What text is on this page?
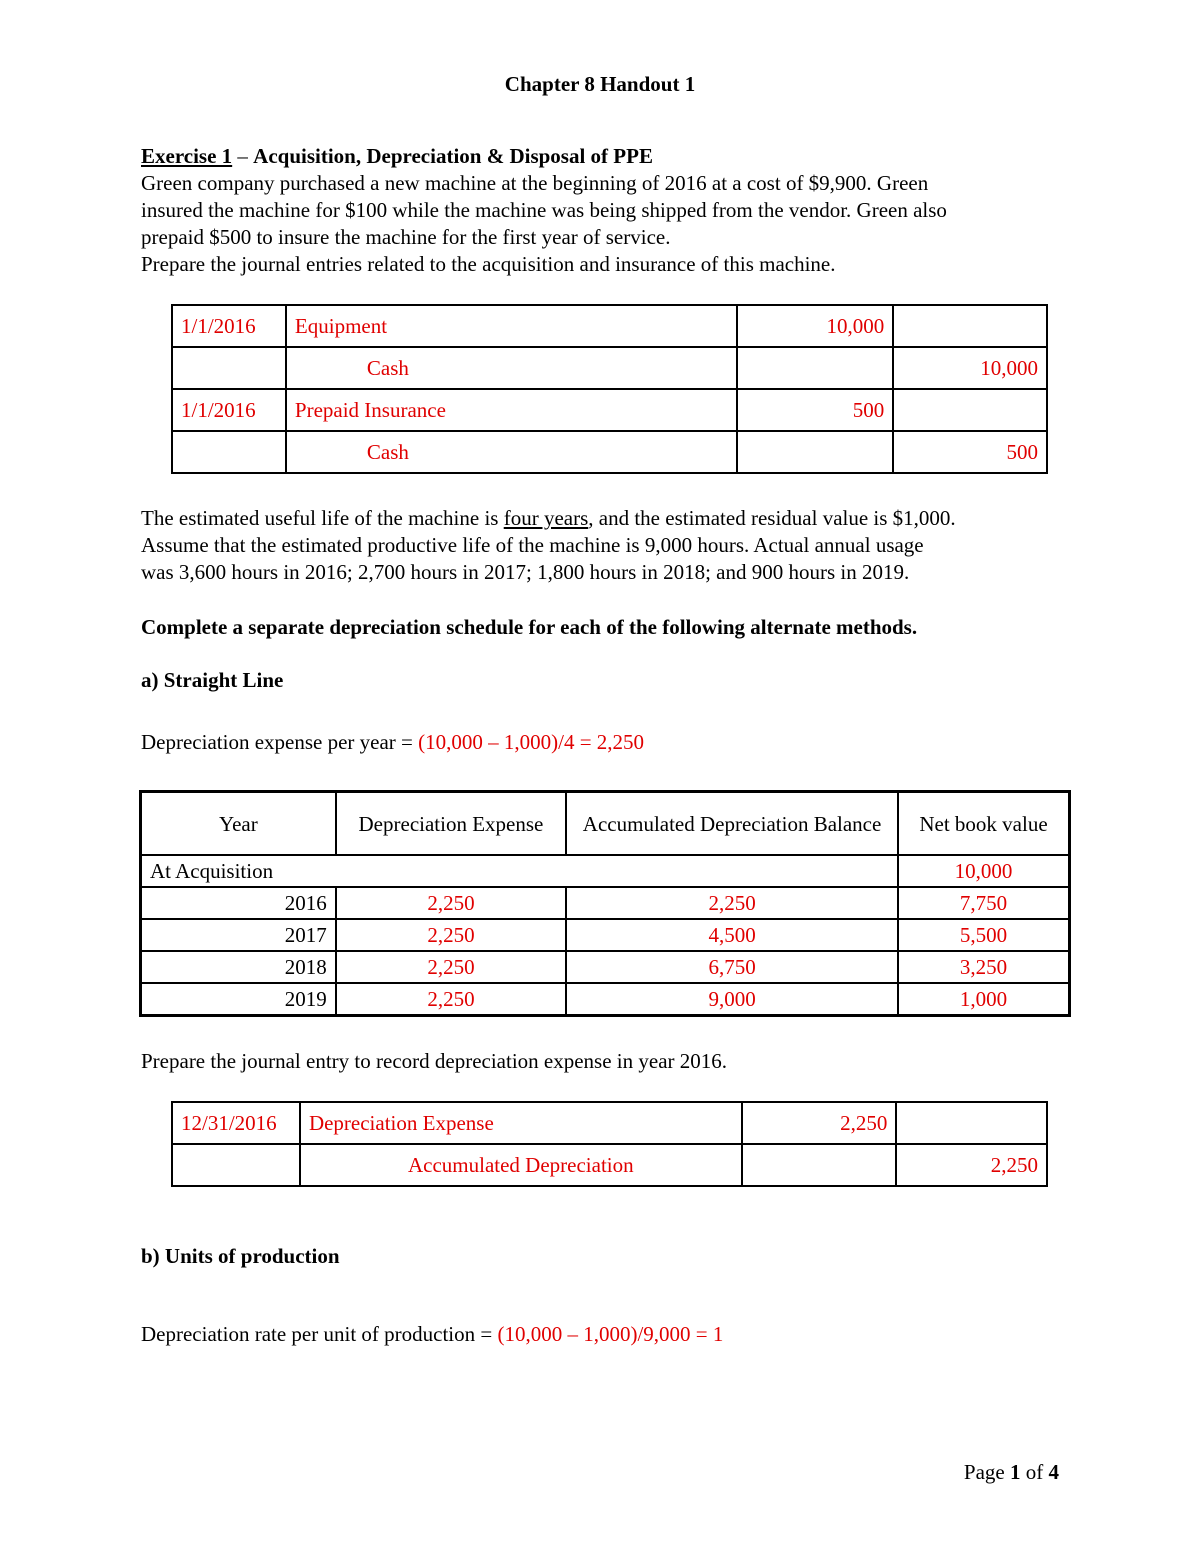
Chapter 8 Handout 1
Exercise 1 – Acquisition, Depreciation & Disposal of PPE
Green company purchased a new machine at the beginning of 2016 at a cost of $9,900. Green
insured the machine for $100 while the machine was being shipped from the vendor. Green also
prepaid $500 to insure the machine for the first year of service.
Prepare the journal entries related to the acquisition and insurance of this machine.
1/1/2016	Equipment	10,000	
	Cash		10,000
1/1/2016	Prepaid Insurance	500	
	Cash		500
The estimated useful life of the machine is four years, and the estimated residual value is $1,000.
Assume that the estimated productive life of the machine is 9,000 hours. Actual annual usage
was 3,600 hours in 2016; 2,700 hours in 2017; 1,800 hours in 2018; and 900 hours in 2019.
Complete a separate depreciation schedule for each of the following alternate methods.
a) Straight Line
Depreciation expense per year = (10,000 – 1,000)/4 = 2,250
Year	Depreciation Expense	Accumulated Depreciation Balance	Net book value
At Acquisition			10,000
2016	2,250	2,250	7,750
2017	2,250	4,500	5,500
2018	2,250	6,750	3,250
2019	2,250	9,000	1,000
Prepare the journal entry to record depreciation expense in year 2016.
12/31/2016	Depreciation Expense	2,250	
	Accumulated Depreciation		2,250
b) Units of production
Depreciation rate per unit of production = (10,000 – 1,000)/9,000 = 1
Page 1 of 4
